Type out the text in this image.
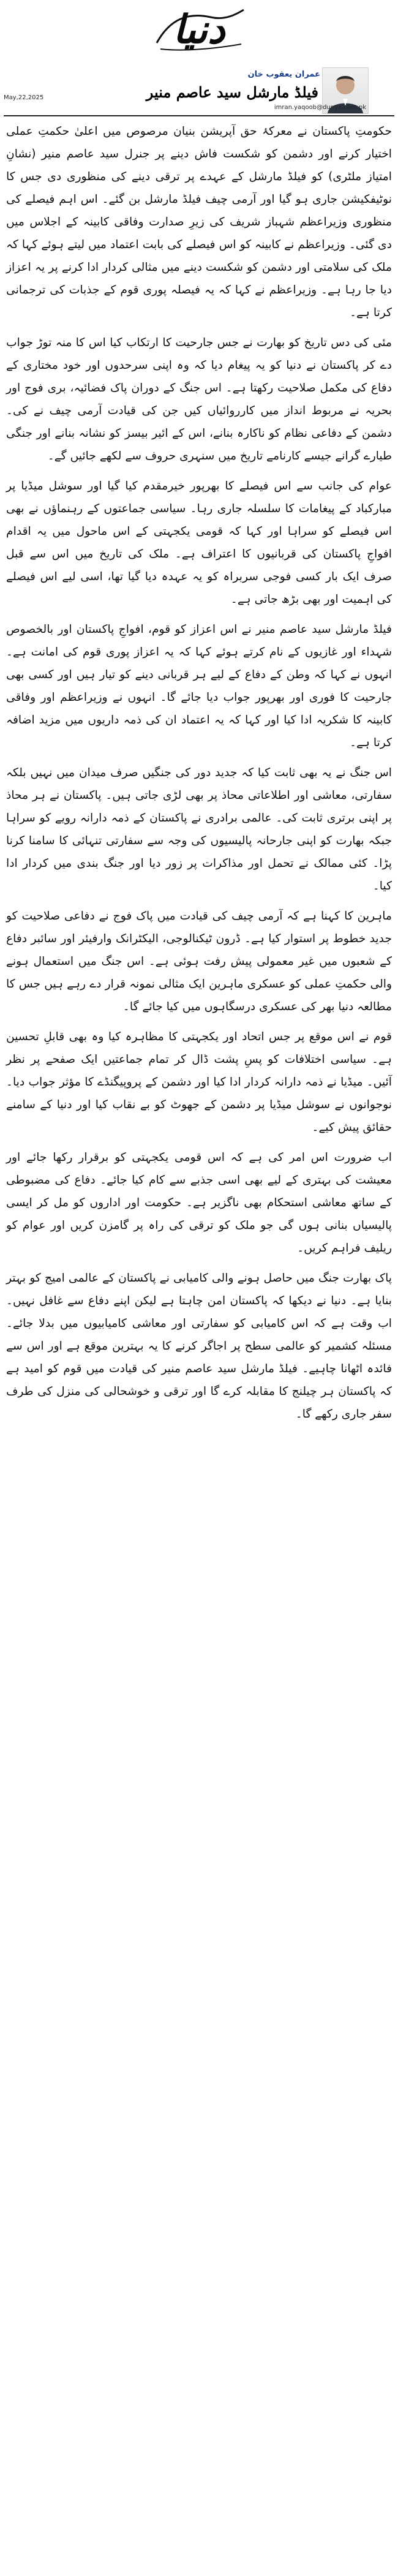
دنیا
عمران یعقوب خان
فیلڈ مارشل سید عاصم منیر
May,22,2025
imran.yaqoob@dunya.com.pk

حکومتِ پاکستان نے معرکۂ حق آپریشن بنیان مرصوص میں اعلیٰ حکمتِ عملی اختیار کرنے اور دشمن کو شکست فاش دینے پر جنرل سید عاصم منیر (نشانِ امتیاز ملٹری) کو فیلڈ مارشل کے عہدے پر ترقی دینے کی منظوری دی جس کا نوٹیفکیشن جاری ہو گیا اور آرمی چیف فیلڈ مارشل بن گئے۔ اس اہم فیصلے کی منظوری وزیراعظم شہباز شریف کی زیرِ صدارت وفاقی کابینہ کے اجلاس میں دی گئی۔ وزیراعظم نے کابینہ کو اس فیصلے کی بابت اعتماد میں لیتے ہوئے کہا کہ ملک کی سلامتی اور دشمن کو شکست دینے میں مثالی کردار ادا کرنے پر یہ اعزاز دیا جا رہا ہے۔ وزیراعظم نے کہا کہ یہ فیصلہ پوری قوم کے جذبات کی ترجمانی کرتا ہے۔

مئی کی دس تاریخ کو بھارت نے جس جارحیت کا ارتکاب کیا اس کا منہ توڑ جواب دے کر پاکستان نے دنیا کو یہ پیغام دیا کہ وہ اپنی سرحدوں اور خود مختاری کے دفاع کی مکمل صلاحیت رکھتا ہے۔ اس جنگ کے دوران پاک فضائیہ، بری فوج اور بحریہ نے مربوط انداز میں کارروائیاں کیں جن کی قیادت آرمی چیف نے کی۔ دشمن کے دفاعی نظام کو ناکارہ بنانے، اس کے ائیر بیسز کو نشانہ بنانے اور جنگی طیارے گرانے جیسے کارنامے تاریخ میں سنہری حروف سے لکھے جائیں گے۔

عوام کی جانب سے اس فیصلے کا بھرپور خیرمقدم کیا گیا اور سوشل میڈیا پر مبارکباد کے پیغامات کا سلسلہ جاری رہا۔ سیاسی جماعتوں کے رہنماؤں نے بھی اس فیصلے کو سراہا اور کہا کہ قومی یکجہتی کے اس ماحول میں یہ اقدام افواجِ پاکستان کی قربانیوں کا اعتراف ہے۔ ملک کی تاریخ میں اس سے قبل صرف ایک بار کسی فوجی سربراہ کو یہ عہدہ دیا گیا تھا، اسی لیے اس فیصلے کی اہمیت اور بھی بڑھ جاتی ہے۔

فیلڈ مارشل سید عاصم منیر نے اس اعزاز کو قوم، افواجِ پاکستان اور بالخصوص شہداء اور غازیوں کے نام کرتے ہوئے کہا کہ یہ اعزاز پوری قوم کی امانت ہے۔ انہوں نے کہا کہ وطن کے دفاع کے لیے ہر قربانی دینے کو تیار ہیں اور کسی بھی جارحیت کا فوری اور بھرپور جواب دیا جائے گا۔ انہوں نے وزیراعظم اور وفاقی کابینہ کا شکریہ ادا کیا اور کہا کہ یہ اعتماد ان کی ذمہ داریوں میں مزید اضافہ کرتا ہے۔

اس جنگ نے یہ بھی ثابت کیا کہ جدید دور کی جنگیں صرف میدان میں نہیں بلکہ سفارتی، معاشی اور اطلاعاتی محاذ پر بھی لڑی جاتی ہیں۔ پاکستان نے ہر محاذ پر اپنی برتری ثابت کی۔ عالمی برادری نے پاکستان کے ذمہ دارانہ رویے کو سراہا جبکہ بھارت کو اپنی جارحانہ پالیسیوں کی وجہ سے سفارتی تنہائی کا سامنا کرنا پڑا۔ کئی ممالک نے تحمل اور مذاکرات پر زور دیا اور جنگ بندی میں کردار ادا کیا۔

ماہرین کا کہنا ہے کہ آرمی چیف کی قیادت میں پاک فوج نے دفاعی صلاحیت کو جدید خطوط پر استوار کیا ہے۔ ڈرون ٹیکنالوجی، الیکٹرانک وارفیئر اور سائبر دفاع کے شعبوں میں غیر معمولی پیش رفت ہوئی ہے۔ اس جنگ میں استعمال ہونے والی حکمتِ عملی کو عسکری ماہرین ایک مثالی نمونہ قرار دے رہے ہیں جس کا مطالعہ دنیا بھر کی عسکری درسگاہوں میں کیا جائے گا۔

قوم نے اس موقع پر جس اتحاد اور یکجہتی کا مظاہرہ کیا وہ بھی قابلِ تحسین ہے۔ سیاسی اختلافات کو پسِ پشت ڈال کر تمام جماعتیں ایک صفحے پر نظر آئیں۔ میڈیا نے ذمہ دارانہ کردار ادا کیا اور دشمن کے پروپیگنڈے کا مؤثر جواب دیا۔ نوجوانوں نے سوشل میڈیا پر دشمن کے جھوٹ کو بے نقاب کیا اور دنیا کے سامنے حقائق پیش کیے۔

اب ضرورت اس امر کی ہے کہ اس قومی یکجہتی کو برقرار رکھا جائے اور معیشت کی بہتری کے لیے بھی اسی جذبے سے کام کیا جائے۔ دفاع کی مضبوطی کے ساتھ معاشی استحکام بھی ناگزیر ہے۔ حکومت اور اداروں کو مل کر ایسی پالیسیاں بنانی ہوں گی جو ملک کو ترقی کی راہ پر گامزن کریں اور عوام کو ریلیف فراہم کریں۔

پاک بھارت جنگ میں حاصل ہونے والی کامیابی نے پاکستان کے عالمی امیج کو بہتر بنایا ہے۔ دنیا نے دیکھا کہ پاکستان امن چاہتا ہے لیکن اپنے دفاع سے غافل نہیں۔ اب وقت ہے کہ اس کامیابی کو سفارتی اور معاشی کامیابیوں میں بدلا جائے۔ مسئلہ کشمیر کو عالمی سطح پر اجاگر کرنے کا یہ بہترین موقع ہے اور اس سے فائدہ اٹھانا چاہیے۔ فیلڈ مارشل سید عاصم منیر کی قیادت میں قوم کو امید ہے کہ پاکستان ہر چیلنج کا مقابلہ کرے گا اور ترقی و خوشحالی کی منزل کی طرف سفر جاری رکھے گا۔
